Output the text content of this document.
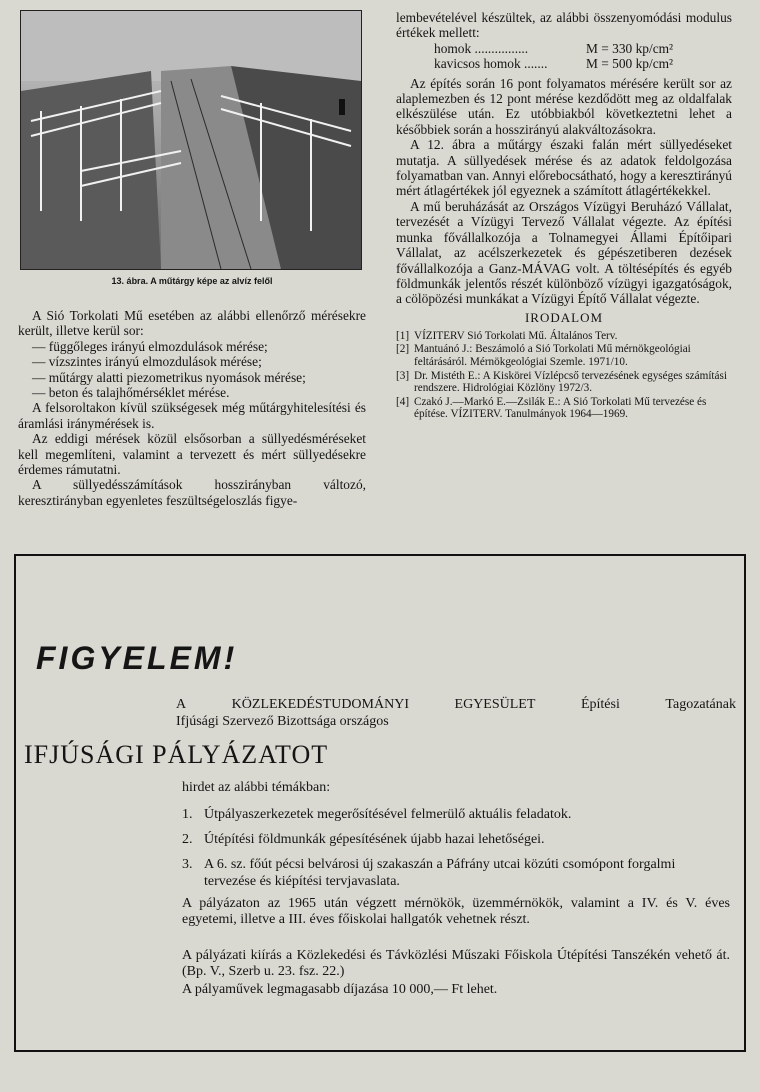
13. ábra. A műtárgy képe az alvíz felől

A Sió Torkolati Mű esetében az alábbi ellenőrző mérésekre került, illetve kerül sor:

— függőleges irányú elmozdulások mérése;

— vízszintes irányú elmozdulások mérése;

— műtárgy alatti piezometrikus nyomások mérése;

— beton és talajhőmérséklet mérése.

A felsoroltakon kívül szükségesek még műtárgyhitelesítési és áramlási iránymérések is.

Az eddigi mérések közül elsősorban a süllyedésméréseket kell megemlíteni, valamint a tervezett és mért süllyedésekre érdemes rámutatni.

A süllyedésszámítások hosszirányban változó, keresztirányban egyenletes feszültségeloszlás figye-

lembevételével készültek, az alábbi összenyomódási modulus értékek mellett:

homok ................	M = 330 kp/cm²
kavicsos homok .......	M = 500 kp/cm²

Az építés során 16 pont folyamatos mérésére került sor az alaplemezben és 12 pont mérése kezdődött meg az oldalfalak elkészülése után. Ez utóbbiakból következtetni lehet a későbbiek során a hosszirányú alakváltozásokra.

A 12. ábra a műtárgy északi falán mért süllyedéseket mutatja. A süllyedések mérése és az adatok feldolgozása folyamatban van. Annyi előrebocsátható, hogy a keresztirányú mért átlagértékek jól egyeznek a számított átlagértékekkel.

A mű beruházását az Országos Vízügyi Beruházó Vállalat, tervezését a Vízügyi Tervező Vállalat végezte. Az építési munka fővállalkozója a Tolnamegyei Állami Építőipari Vállalat, az acélszerkezetek és gépészetiberen dezések fővállalkozója a Ganz-MÁVAG volt. A töltésépítés és egyéb földmunkák jelentős részét különböző vízügyi igazgatóságok, a cölöpözési munkákat a Vízügyi Építő Vállalat végezte.

IRODALOM
[1] VÍZITERV Sió Torkolati Mű. Általános Terv.
[2] Mantuánó J.: Beszámoló a Sió Torkolati Mű mérnökgeológiai feltárásáról. Mérnökgeológiai Szemle. 1971/10.
[3] Dr. Mistéth E.: A Kiskörei Vízlépcső tervezésének egységes számítási rendszere. Hidrológiai Közlöny 1972/3.
[4] Czakó J.—Markó E.—Zsilák E.: A Sió Torkolati Mű tervezése és építése. VÍZITERV. Tanulmányok 1964—1969.
FIGYELEM!
A	KÖZLEKEDÉSTUDOMÁNYI	EGYESÜLET	Építési	Tagozatának
Ifjúsági Szervező Bizottsága országos
IFJÚSÁGI PÁLYÁZATOT
hirdet az alábbi témákban:
1. Útpályaszerkezetek megerősítésével felmerülő aktuális feladatok.
2. Útépítési földmunkák gépesítésének újabb hazai lehetőségei.
3. A 6. sz. főút pécsi belvárosi új szakaszán a Páfrány utcai közúti csomópont forgalmi tervezése és kiépítési tervjavaslata.
A pályázaton az 1965 után végzett mérnökök, üzemmérnökök, valamint a IV. és V. éves egyetemi, illetve a III. éves főiskolai hallgatók vehetnek részt.
A pályázati kiírás a Közlekedési és Távközlési Műszaki Főiskola Útépítési Tanszékén vehető át. (Bp. V., Szerb u. 23. fsz. 22.)
A pályaművek legmagasabb díjazása 10 000,— Ft lehet.
